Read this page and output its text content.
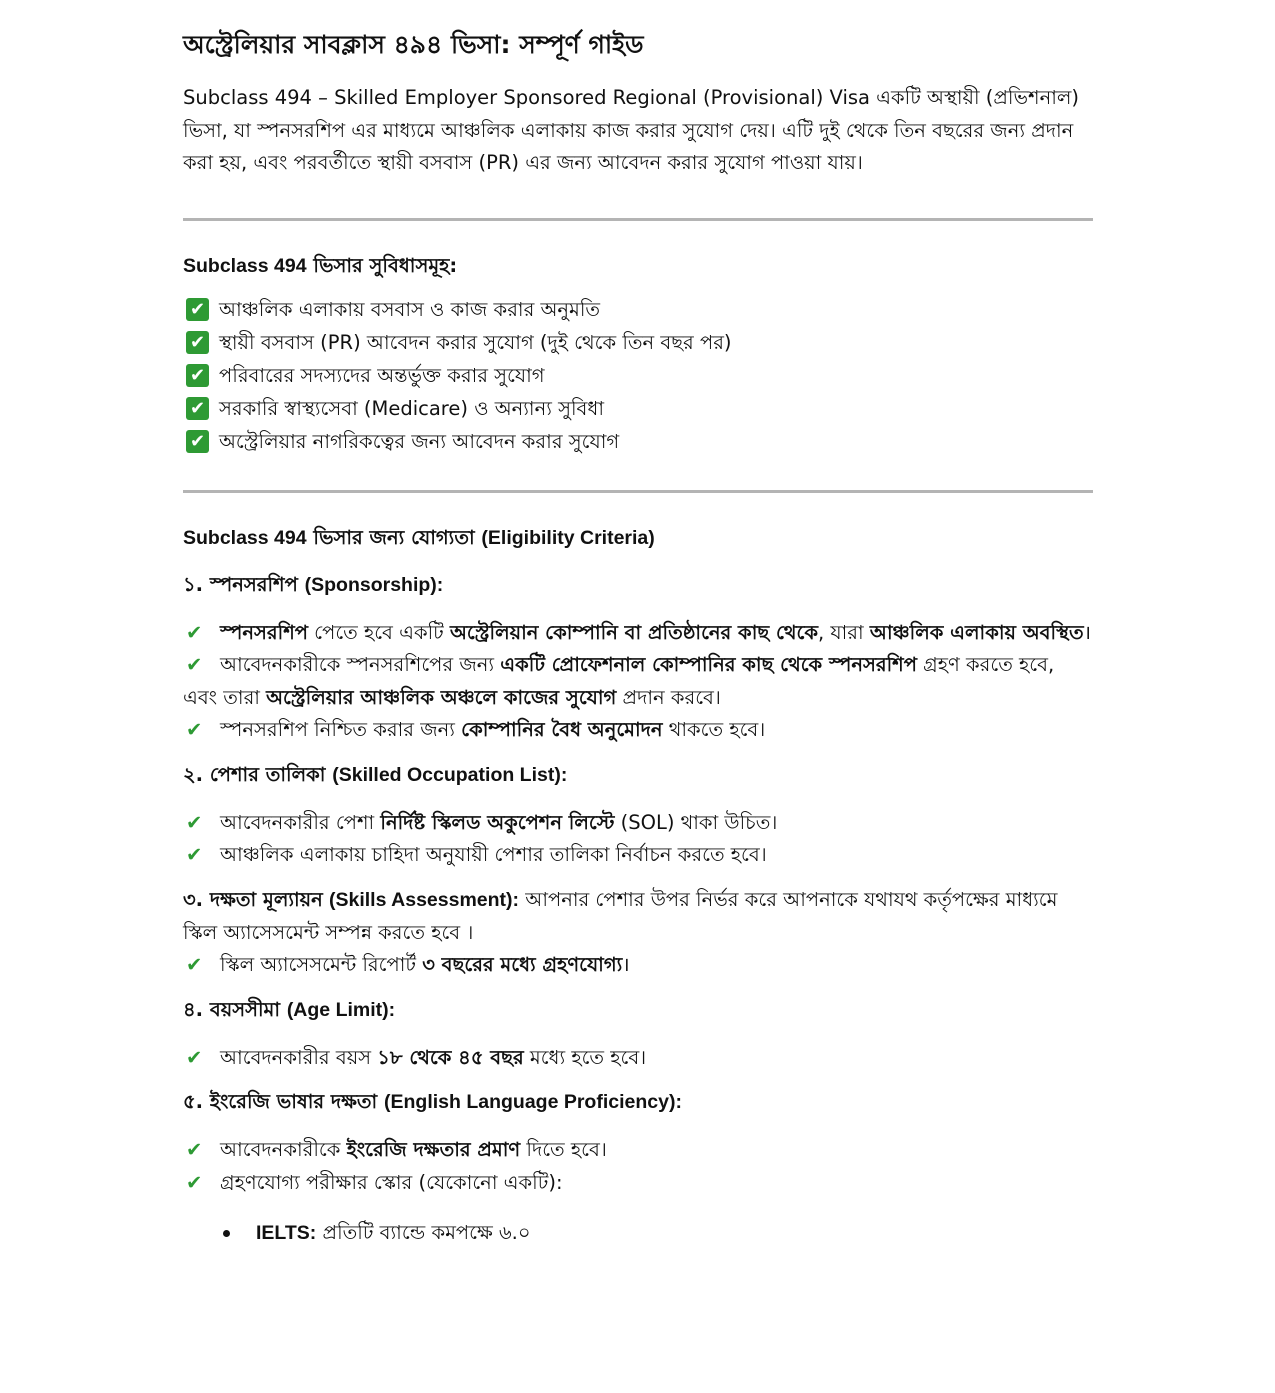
অস্ট্রেলিয়ার সাবক্লাস ৪৯৪ ভিসা: সম্পূর্ণ গাইড

Subclass 494 – Skilled Employer Sponsored Regional (Provisional) Visa একটি অস্থায়ী (প্রভিশনাল) ভিসা, যা স্পনসরশিপ এর মাধ্যমে আঞ্চলিক এলাকায় কাজ করার সুযোগ দেয়। এটি দুই থেকে তিন বছরের জন্য প্রদান করা হয়, এবং পরবর্তীতে স্থায়ী বসবাস (PR) এর জন্য আবেদন করার সুযোগ পাওয়া যায়।

Subclass 494 ভিসার সুবিধাসমূহ:
✔ আঞ্চলিক এলাকায় বসবাস ও কাজ করার অনুমতি
✔ স্থায়ী বসবাস (PR) আবেদন করার সুযোগ (দুই থেকে তিন বছর পর)
✔ পরিবারের সদস্যদের অন্তর্ভুক্ত করার সুযোগ
✔ সরকারি স্বাস্থ্যসেবা (Medicare) ও অন্যান্য সুবিধা
✔ অস্ট্রেলিয়ার নাগরিকত্বের জন্য আবেদন করার সুযোগ
Subclass 494 ভিসার জন্য যোগ্যতা (Eligibility Criteria)
১. স্পনসরশিপ (Sponsorship):

✔ স্পনসরশিপ পেতে হবে একটি অস্ট্রেলিয়ান কোম্পানি বা প্রতিষ্ঠানের কাছ থেকে, যারা আঞ্চলিক এলাকায় অবস্থিত।

✔ আবেদনকারীকে স্পনসরশিপের জন্য একটি প্রোফেশনাল কোম্পানির কাছ থেকে স্পনসরশিপ গ্রহণ করতে হবে, এবং তারা অস্ট্রেলিয়ার আঞ্চলিক অঞ্চলে কাজের সুযোগ প্রদান করবে।

✔ স্পনসরশিপ নিশ্চিত করার জন্য কোম্পানির বৈধ অনুমোদন থাকতে হবে।

২. পেশার তালিকা (Skilled Occupation List):

✔ আবেদনকারীর পেশা নির্দিষ্ট স্কিলড অকুপেশন লিস্টে (SOL) থাকা উচিত।

✔ আঞ্চলিক এলাকায় চাহিদা অনুযায়ী পেশার তালিকা নির্বাচন করতে হবে।

৩. দক্ষতা মূল্যায়ন (Skills Assessment): আপনার পেশার উপর নির্ভর করে আপনাকে যথাযথ কর্তৃপক্ষের মাধ্যমে স্কিল অ্যাসেসমেন্ট সম্পন্ন করতে হবে ।

✔ স্কিল অ্যাসেসমেন্ট রিপোর্ট ৩ বছরের মধ্যে গ্রহণযোগ্য।

৪. বয়সসীমা (Age Limit):

✔ আবেদনকারীর বয়স ১৮ থেকে ৪৫ বছর মধ্যে হতে হবে।

৫. ইংরেজি ভাষার দক্ষতা (English Language Proficiency):

✔ আবেদনকারীকে ইংরেজি দক্ষতার প্রমাণ দিতে হবে।

✔ গ্রহণযোগ্য পরীক্ষার স্কোর (যেকোনো একটি):

IELTS: প্রতিটি ব্যান্ডে কমপক্ষে ৬.০
